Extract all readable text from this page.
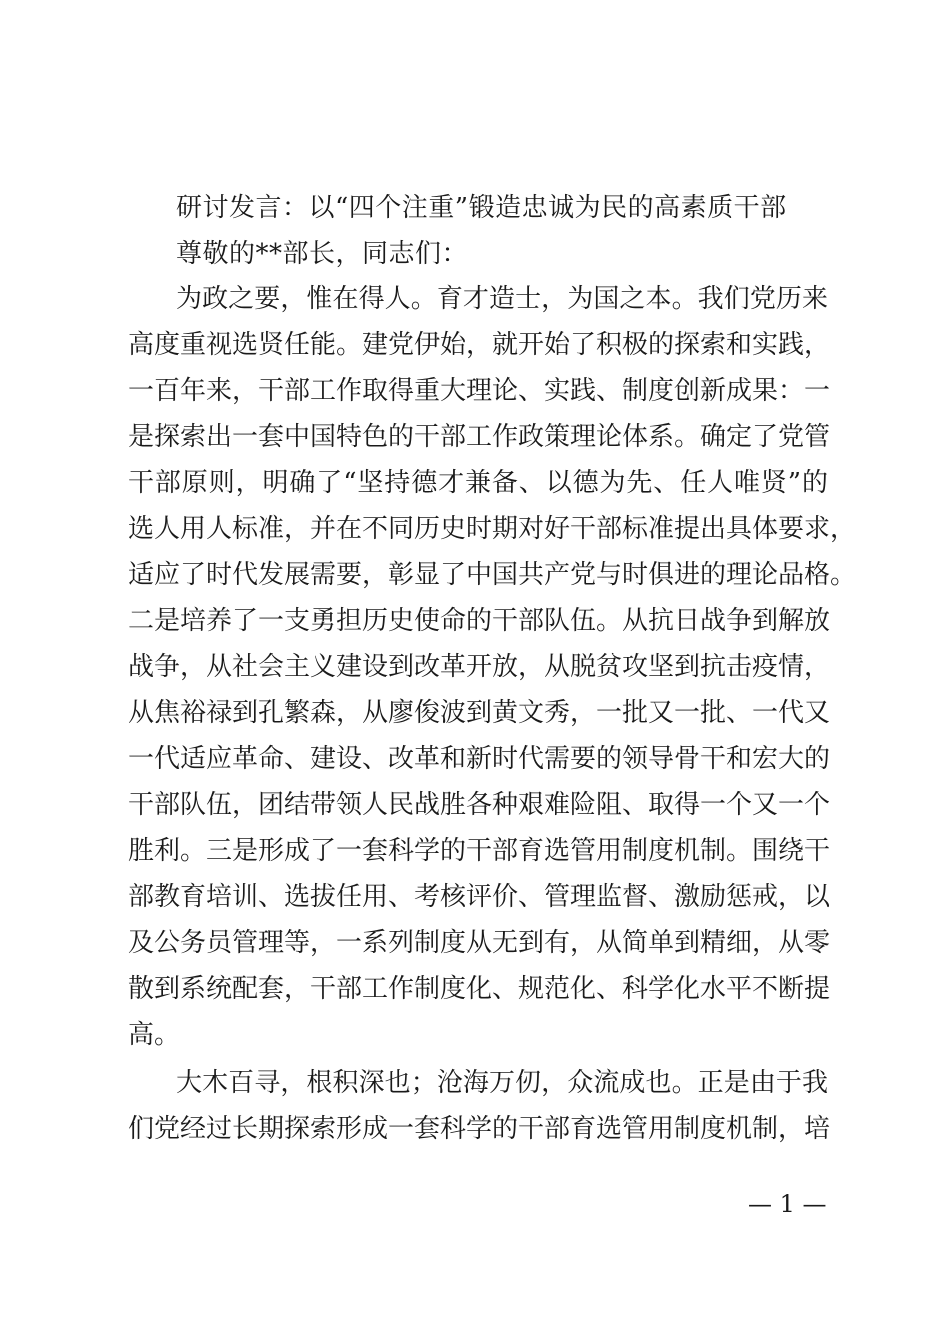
研讨发言：以“四个注重”锻造忠诚为民的高素质干部
尊敬的**部长，同志们：
为政之要，惟在得人。育才造士，为国之本。我们党历来
高度重视选贤任能。建党伊始，就开始了积极的探索和实践，
一百年来，干部工作取得重大理论、实践、制度创新成果：一
是探索出一套中国特色的干部工作政策理论体系。确定了党管
干部原则，明确了“坚持德才兼备、以德为先、任人唯贤”的
选人用人标准，并在不同历史时期对好干部标准提出具体要求，
适应了时代发展需要，彰显了中国共产党与时俱进的理论品格。
二是培养了一支勇担历史使命的干部队伍。从抗日战争到解放
战争，从社会主义建设到改革开放，从脱贫攻坚到抗击疫情，
从焦裕禄到孔繁森，从廖俊波到黄文秀，一批又一批、一代又
一代适应革命、建设、改革和新时代需要的领导骨干和宏大的
干部队伍，团结带领人民战胜各种艰难险阻、取得一个又一个
胜利。三是形成了一套科学的干部育选管用制度机制。围绕干
部教育培训、选拔任用、考核评价、管理监督、激励惩戒，以
及公务员管理等，一系列制度从无到有，从简单到精细，从零
散到系统配套，干部工作制度化、规范化、科学化水平不断提
高。
大木百寻，根积深也；沧海万仞，众流成也。正是由于我
们党经过长期探索形成一套科学的干部育选管用制度机制，培
— 1 —
